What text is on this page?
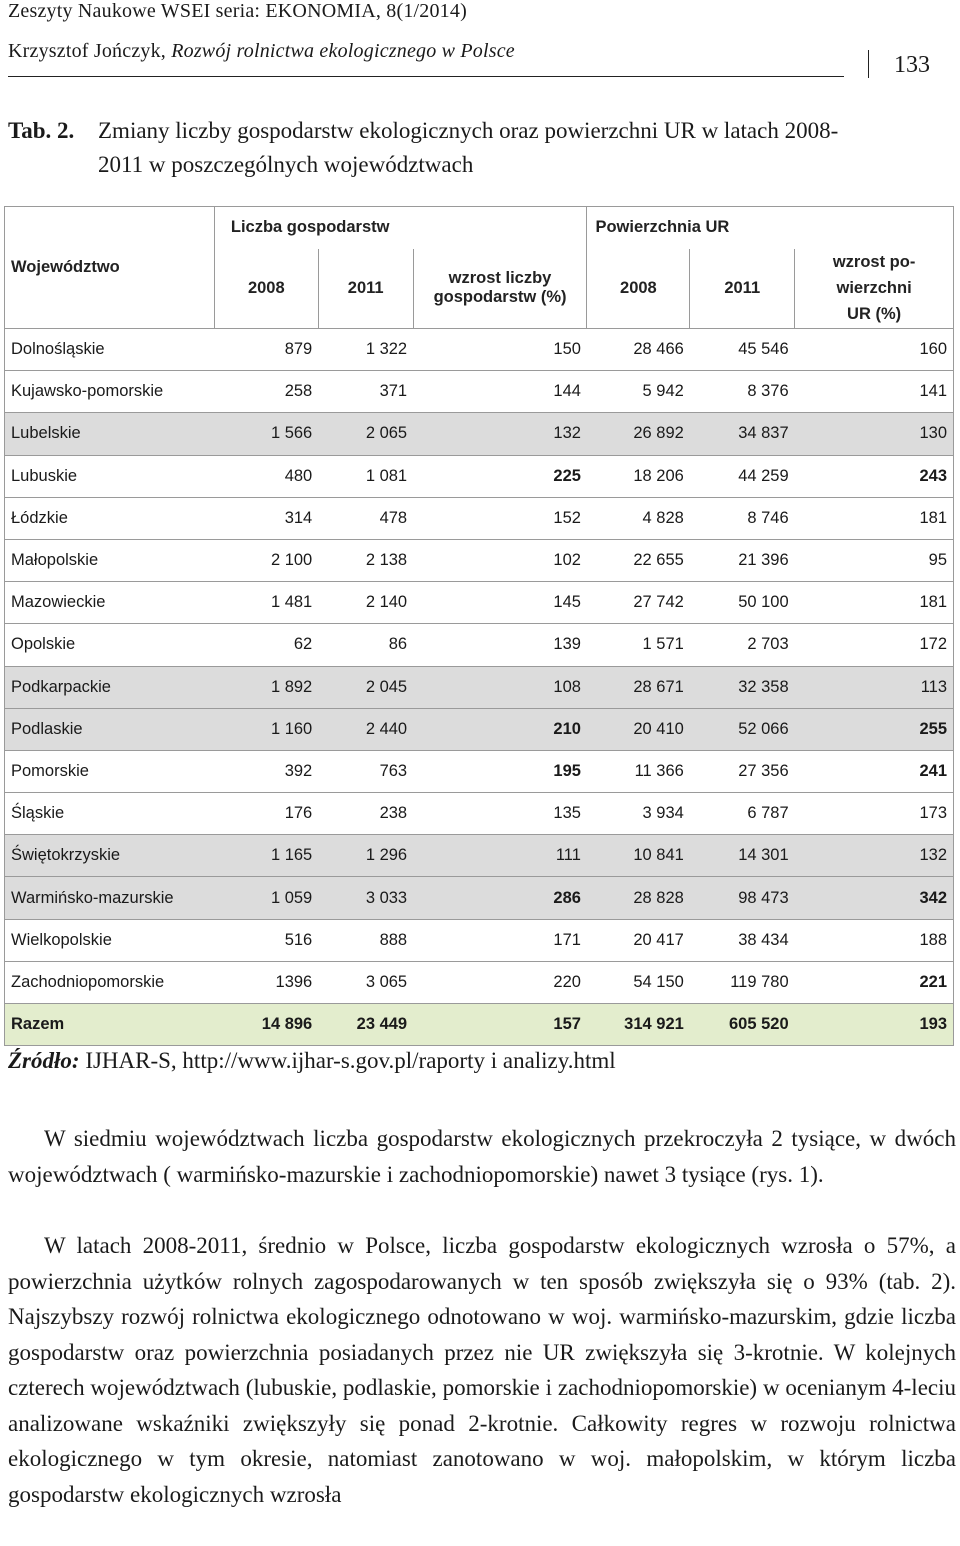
Zeszyty Naukowe WSEI seria: EKONOMIA, 8(1/2014)
Krzysztof Jończyk, Rozwój rolnictwa ekologicznego w Polsce
133
Tab. 2. Zmiany liczby gospodarstw ekologicznych oraz powierzchni UR w latach 2008-
2011 w poszczególnych województwach
Województwo	Liczba gospodarstw			Powierzchnia UR		
	2008	2011	wzrost liczby gospodarstw (%)	2008	2011	wzrost po-
wierzchni
UR (%)
Dolnośląskie	879	1 322	150	28 466	45 546	160
Kujawsko-pomorskie	258	371	144	5 942	8 376	141
Lubelskie	1 566	2 065	132	26 892	34 837	130
Lubuskie	480	1 081	225	18 206	44 259	243
Łódzkie	314	478	152	4 828	8 746	181
Małopolskie	2 100	2 138	102	22 655	21 396	95
Mazowieckie	1 481	2 140	145	27 742	50 100	181
Opolskie	62	86	139	1 571	2 703	172
Podkarpackie	1 892	2 045	108	28 671	32 358	113
Podlaskie	1 160	2 440	210	20 410	52 066	255
Pomorskie	392	763	195	11 366	27 356	241
Śląskie	176	238	135	3 934	6 787	173
Świętokrzyskie	1 165	1 296	111	10 841	14 301	132
Warmińsko-mazurskie	1 059	3 033	286	28 828	98 473	342
Wielkopolskie	516	888	171	20 417	38 434	188
Zachodniopomorskie	1396	3 065	220	54 150	119 780	221
Razem	14 896	23 449	157	314 921	605 520	193
Źródło: IJHAR-S, http://www.ijhar-s.gov.pl/raporty i analizy.html
W siedmiu województwach liczba gospodarstw ekologicznych przekroczyła 2 tysiące, w dwóch województwach ( warmińsko-mazurskie i zachodniopomorskie) nawet 3 tysiące (rys. 1).
W latach 2008-2011, średnio w Polsce, liczba gospodarstw ekologicznych wzrosła o 57%, a powierzchnia użytków rolnych zagospodarowanych w ten sposób zwiększyła się o 93% (tab. 2). Najszybszy rozwój rolnictwa ekologicznego odnotowano w woj. warmińsko-mazurskim, gdzie liczba gospodarstw oraz powierzchnia posiadanych przez nie UR zwiększyła się 3-krotnie. W kolejnych czterech województwach (lubuskie, podlaskie, pomorskie i zachodniopomorskie) w ocenianym 4-leciu analizowane wskaźniki zwiększyły się ponad 2-krotnie. Całkowity regres w rozwoju rolnictwa ekologicznego w tym okresie, natomiast zanotowano w woj. małopolskim, w którym liczba gospodarstw ekologicznych wzrosła
